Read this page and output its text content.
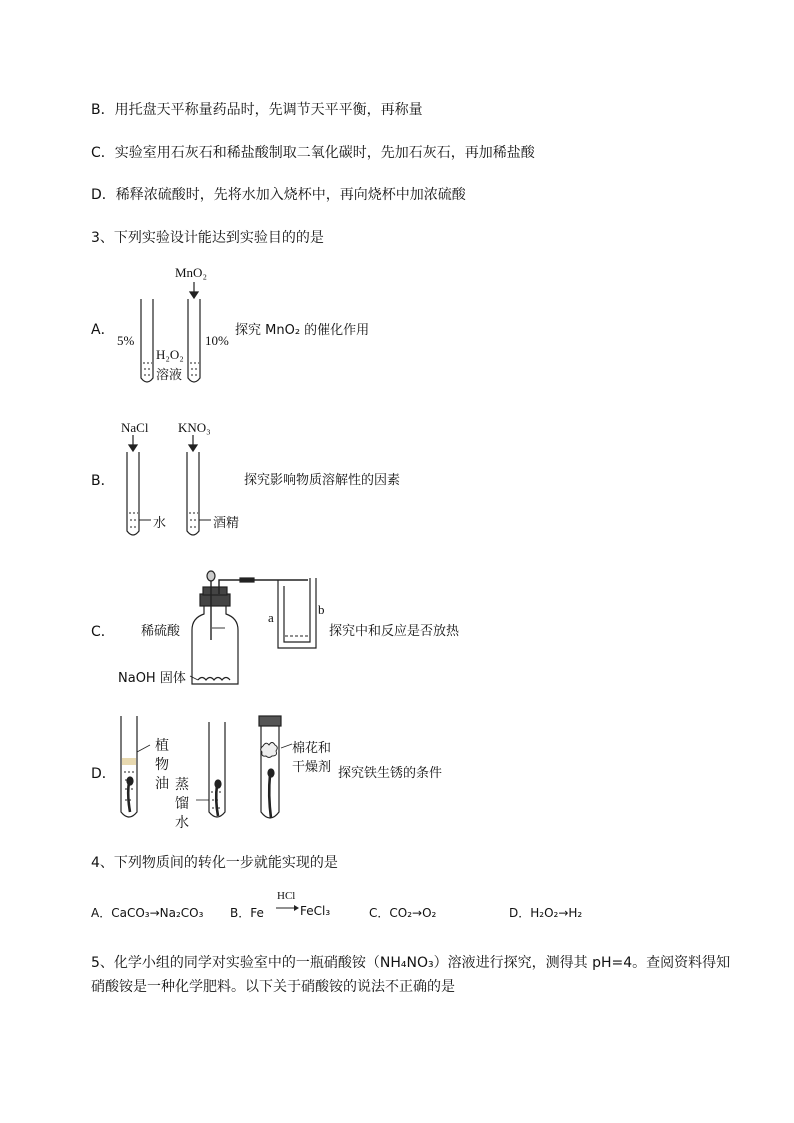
B．用托盘天平称量药品时，先调节天平平衡，再称量
C．实验室用石灰石和稀盐酸制取二氧化碳时，先加石灰石，再加稀盐酸
D．稀释浓硫酸时，先将水加入烧杯中，再向烧杯中加浓硫酸
3、下列实验设计能达到实验目的的是
A．
MnO₂
5%	10%
H₂O₂
溶液
探究 MnO₂ 的催化作用
B．
NaCl KNO₃
水	酒精
探究影响物质溶解性的因素
C． 稀硫酸
NaOH 固体
a
b
探究中和反应是否放热
D．
植
物
油 蒸
馏
水
棉花和
干燥剂 探究铁生锈的条件
4、下列物质间的转化一步就能实现的是
A．CaCO₃→Na₂CO₃ B．Fe
HCl
FeCl₃	C．CO₂→O₂	D．H₂O₂→H₂
5、化学小组的同学对实验室中的一瓶硝酸铵（NH₄NO₃）溶液进行探究，测得其 pH=4。查阅资料得知
硝酸铵是一种化学肥料。以下关于硝酸铵的说法不正确的是
